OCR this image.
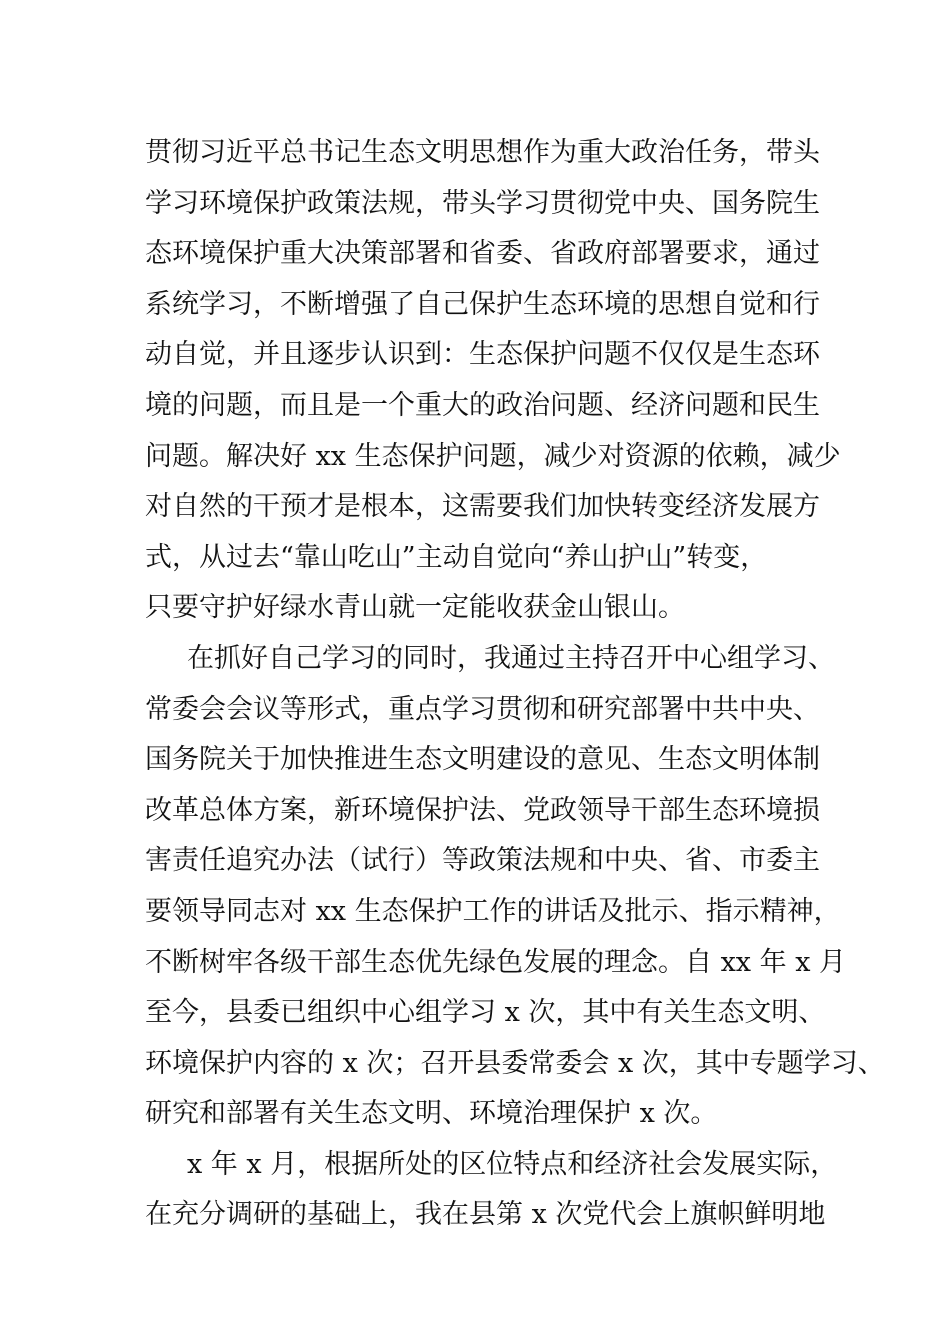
贯彻习近平总书记生态文明思想作为重大政治任务，带头

学习环境保护政策法规，带头学习贯彻党中央、国务院生

态环境保护重大决策部署和省委、省政府部署要求，通过

系统学习，不断增强了自己保护生态环境的思想自觉和行

动自觉，并且逐步认识到：生态保护问题不仅仅是生态环

境的问题，而且是一个重大的政治问题、经济问题和民生

问题。解决好 xx 生态保护问题，减少对资源的依赖，减少

对自然的干预才是根本，这需要我们加快转变经济发展方

式，从过去“靠山吃山”主动自觉向“养山护山”转变，

只要守护好绿水青山就一定能收获金山银山。

在抓好自己学习的同时，我通过主持召开中心组学习、

常委会会议等形式，重点学习贯彻和研究部署中共中央、

国务院关于加快推进生态文明建设的意见、生态文明体制

改革总体方案，新环境保护法、党政领导干部生态环境损

害责任追究办法（试行）等政策法规和中央、省、市委主

要领导同志对 xx 生态保护工作的讲话及批示、指示精神，

不断树牢各级干部生态优先绿色发展的理念。自 xx 年 x 月

至今，县委已组织中心组学习 x 次，其中有关生态文明、

环境保护内容的 x 次；召开县委常委会 x 次，其中专题学习、

研究和部署有关生态文明、环境治理保护 x 次。

x 年 x 月，根据所处的区位特点和经济社会发展实际，

在充分调研的基础上，我在县第 x 次党代会上旗帜鲜明地
